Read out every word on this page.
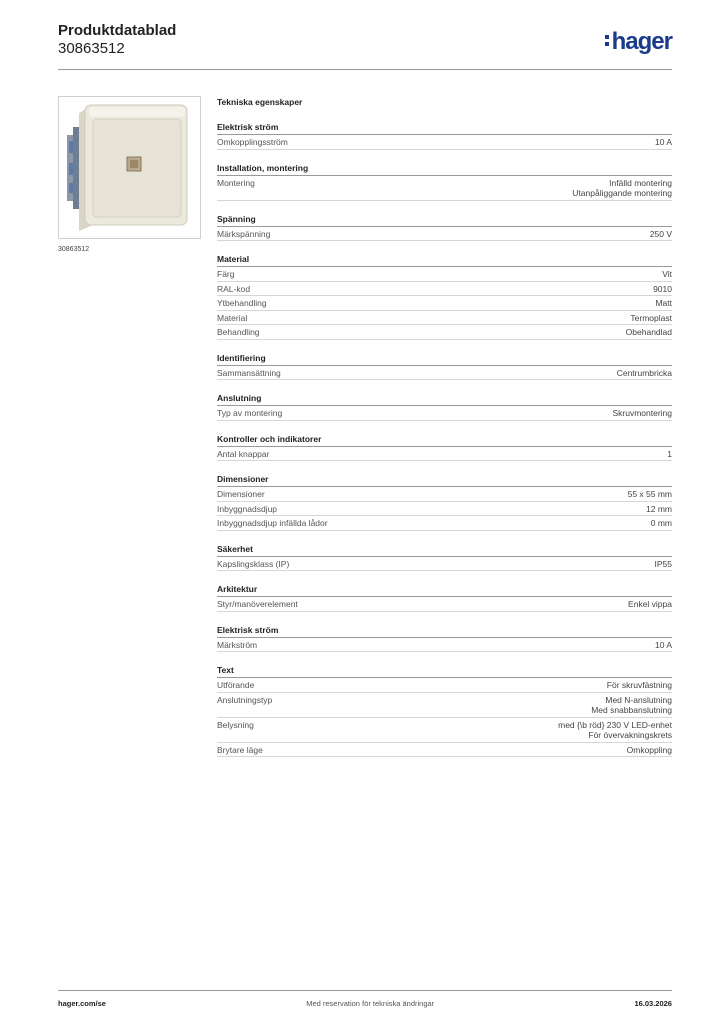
Produktdatablad
30863512	hager
30863512
Tekniska egenskaper
Elektrisk ström
Omkopplingsström	10 A
Installation, montering
Montering	Infälld montering
Utanpåliggande montering
Spänning
Märkspänning	250 V
Material
Färg	Vit
RAL-kod	9010
Ytbehandling	Matt
Material	Termoplast
Behandling	Obehandlad
Identifiering
Sammansättning	Centrumbricka
Anslutning
Typ av montering	Skruvmontering
Kontroller och indikatorer
Antal knappar	1
Dimensioner
Dimensioner	55 x 55 mm
Inbyggnadsdjup	12 mm
Inbyggnadsdjup infällda lådor	0 mm
Säkerhet
Kapslingsklass (IP)	IP55
Arkitektur
Styr/manöverelement	Enkel vippa
Elektrisk ström
Märkström	10 A
Text
Utförande	För skruvfästning
Anslutningstyp	Med N-anslutning
Med snabbanslutning
Belysning	med {\b röd} 230 V LED-enhet
För övervakningskrets
Brytare läge	Omkoppling
hager.com/se	Med reservation för tekniska ändringar	16.03.2026
